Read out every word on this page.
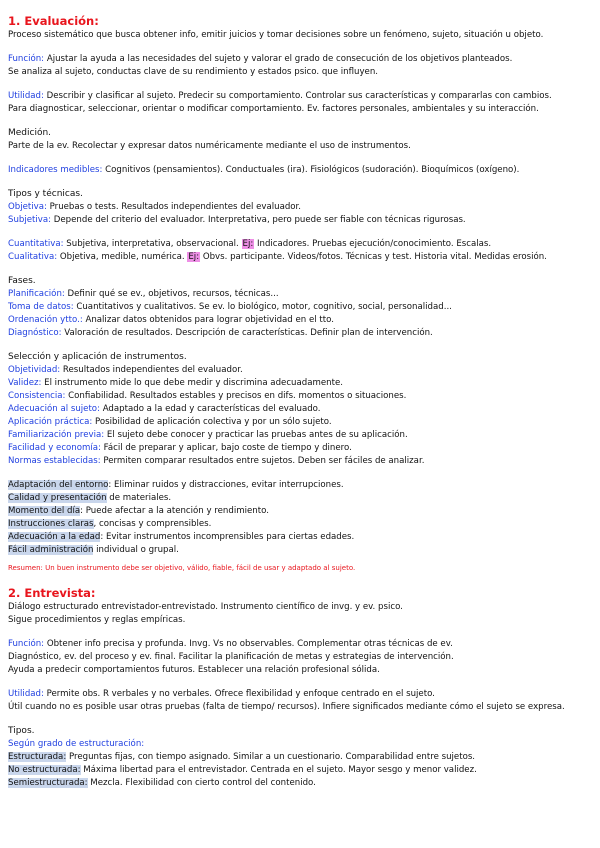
1. Evaluación:
Proceso sistemático que busca obtener info, emitir juicios y tomar decisiones sobre un fenómeno, sujeto, situación u objeto.
Función: Ajustar la ayuda a las necesidades del sujeto y valorar el grado de consecución de los objetivos planteados.
Se analiza al sujeto, conductas clave de su rendimiento y estados psico. que influyen.
Utilidad: Describir y clasificar al sujeto. Predecir su comportamiento. Controlar sus características y compararlas con cambios.
Para diagnosticar, seleccionar, orientar o modificar comportamiento. Ev. factores personales, ambientales y su interacción.
Medición.
Parte de la ev. Recolectar y expresar datos numéricamente mediante el uso de instrumentos.
Indicadores medibles: Cognitivos (pensamientos). Conductuales (ira). Fisiológicos (sudoración). Bioquímicos (oxígeno).
Tipos y técnicas.
Objetiva: Pruebas o tests. Resultados independientes del evaluador.
Subjetiva: Depende del criterio del evaluador. Interpretativa, pero puede ser fiable con técnicas rigurosas.
Cuantitativa: Subjetiva, interpretativa, observacional. Ej: Indicadores. Pruebas ejecución/conocimiento. Escalas.
Cualitativa: Objetiva, medible, numérica. Ej: Obvs. participante. Videos/fotos. Técnicas y test. Historia vital. Medidas erosión.
Fases.
Planificación: Definir qué se ev., objetivos, recursos, técnicas...
Toma de datos: Cuantitativos y cualitativos. Se ev. lo biológico, motor, cognitivo, social, personalidad...
Ordenación ytto.: Analizar datos obtenidos para lograr objetividad en el tto.
Diagnóstico: Valoración de resultados. Descripción de características. Definir plan de intervención.
Selección y aplicación de instrumentos.
Objetividad: Resultados independientes del evaluador.
Validez: El instrumento mide lo que debe medir y discrimina adecuadamente.
Consistencia: Confiabilidad. Resultados estables y precisos en difs. momentos o situaciones.
Adecuación al sujeto: Adaptado a la edad y características del evaluado.
Aplicación práctica: Posibilidad de aplicación colectiva y por un sólo sujeto.
Familiarización previa: El sujeto debe conocer y practicar las pruebas antes de su aplicación.
Facilidad y economía: Fácil de preparar y aplicar, bajo coste de tiempo y dinero.
Normas establecidas: Permiten comparar resultados entre sujetos. Deben ser fáciles de analizar.
Adaptación del entorno: Eliminar ruidos y distracciones, evitar interrupciones.
Calidad y presentación de materiales.
Momento del día: Puede afectar a la atención y rendimiento.
Instrucciones claras, concisas y comprensibles.
Adecuación a la edad: Evitar instrumentos incomprensibles para ciertas edades.
Fácil administración individual o grupal.
Resumen: Un buen instrumento debe ser objetivo, válido, fiable, fácil de usar y adaptado al sujeto.
2. Entrevista:
Diálogo estructurado entrevistador-entrevistado. Instrumento científico de invg. y ev. psico.
Sigue procedimientos y reglas empíricas.
Función: Obtener info precisa y profunda. Invg. Vs no observables. Complementar otras técnicas de ev.
Diagnóstico, ev. del proceso y ev. final. Facilitar la planificación de metas y estrategias de intervención.
Ayuda a predecir comportamientos futuros. Establecer una relación profesional sólida.
Utilidad: Permite obs. R verbales y no verbales. Ofrece flexibilidad y enfoque centrado en el sujeto.
Útil cuando no es posible usar otras pruebas (falta de tiempo/ recursos). Infiere significados mediante cómo el sujeto se expresa.
Tipos.
Según grado de estructuración:
Estructurada: Preguntas fijas, con tiempo asignado. Similar a un cuestionario. Comparabilidad entre sujetos.
No estructurada: Máxima libertad para el entrevistador. Centrada en el sujeto. Mayor sesgo y menor validez.
Semiestructurada: Mezcla. Flexibilidad con cierto control del contenido.
